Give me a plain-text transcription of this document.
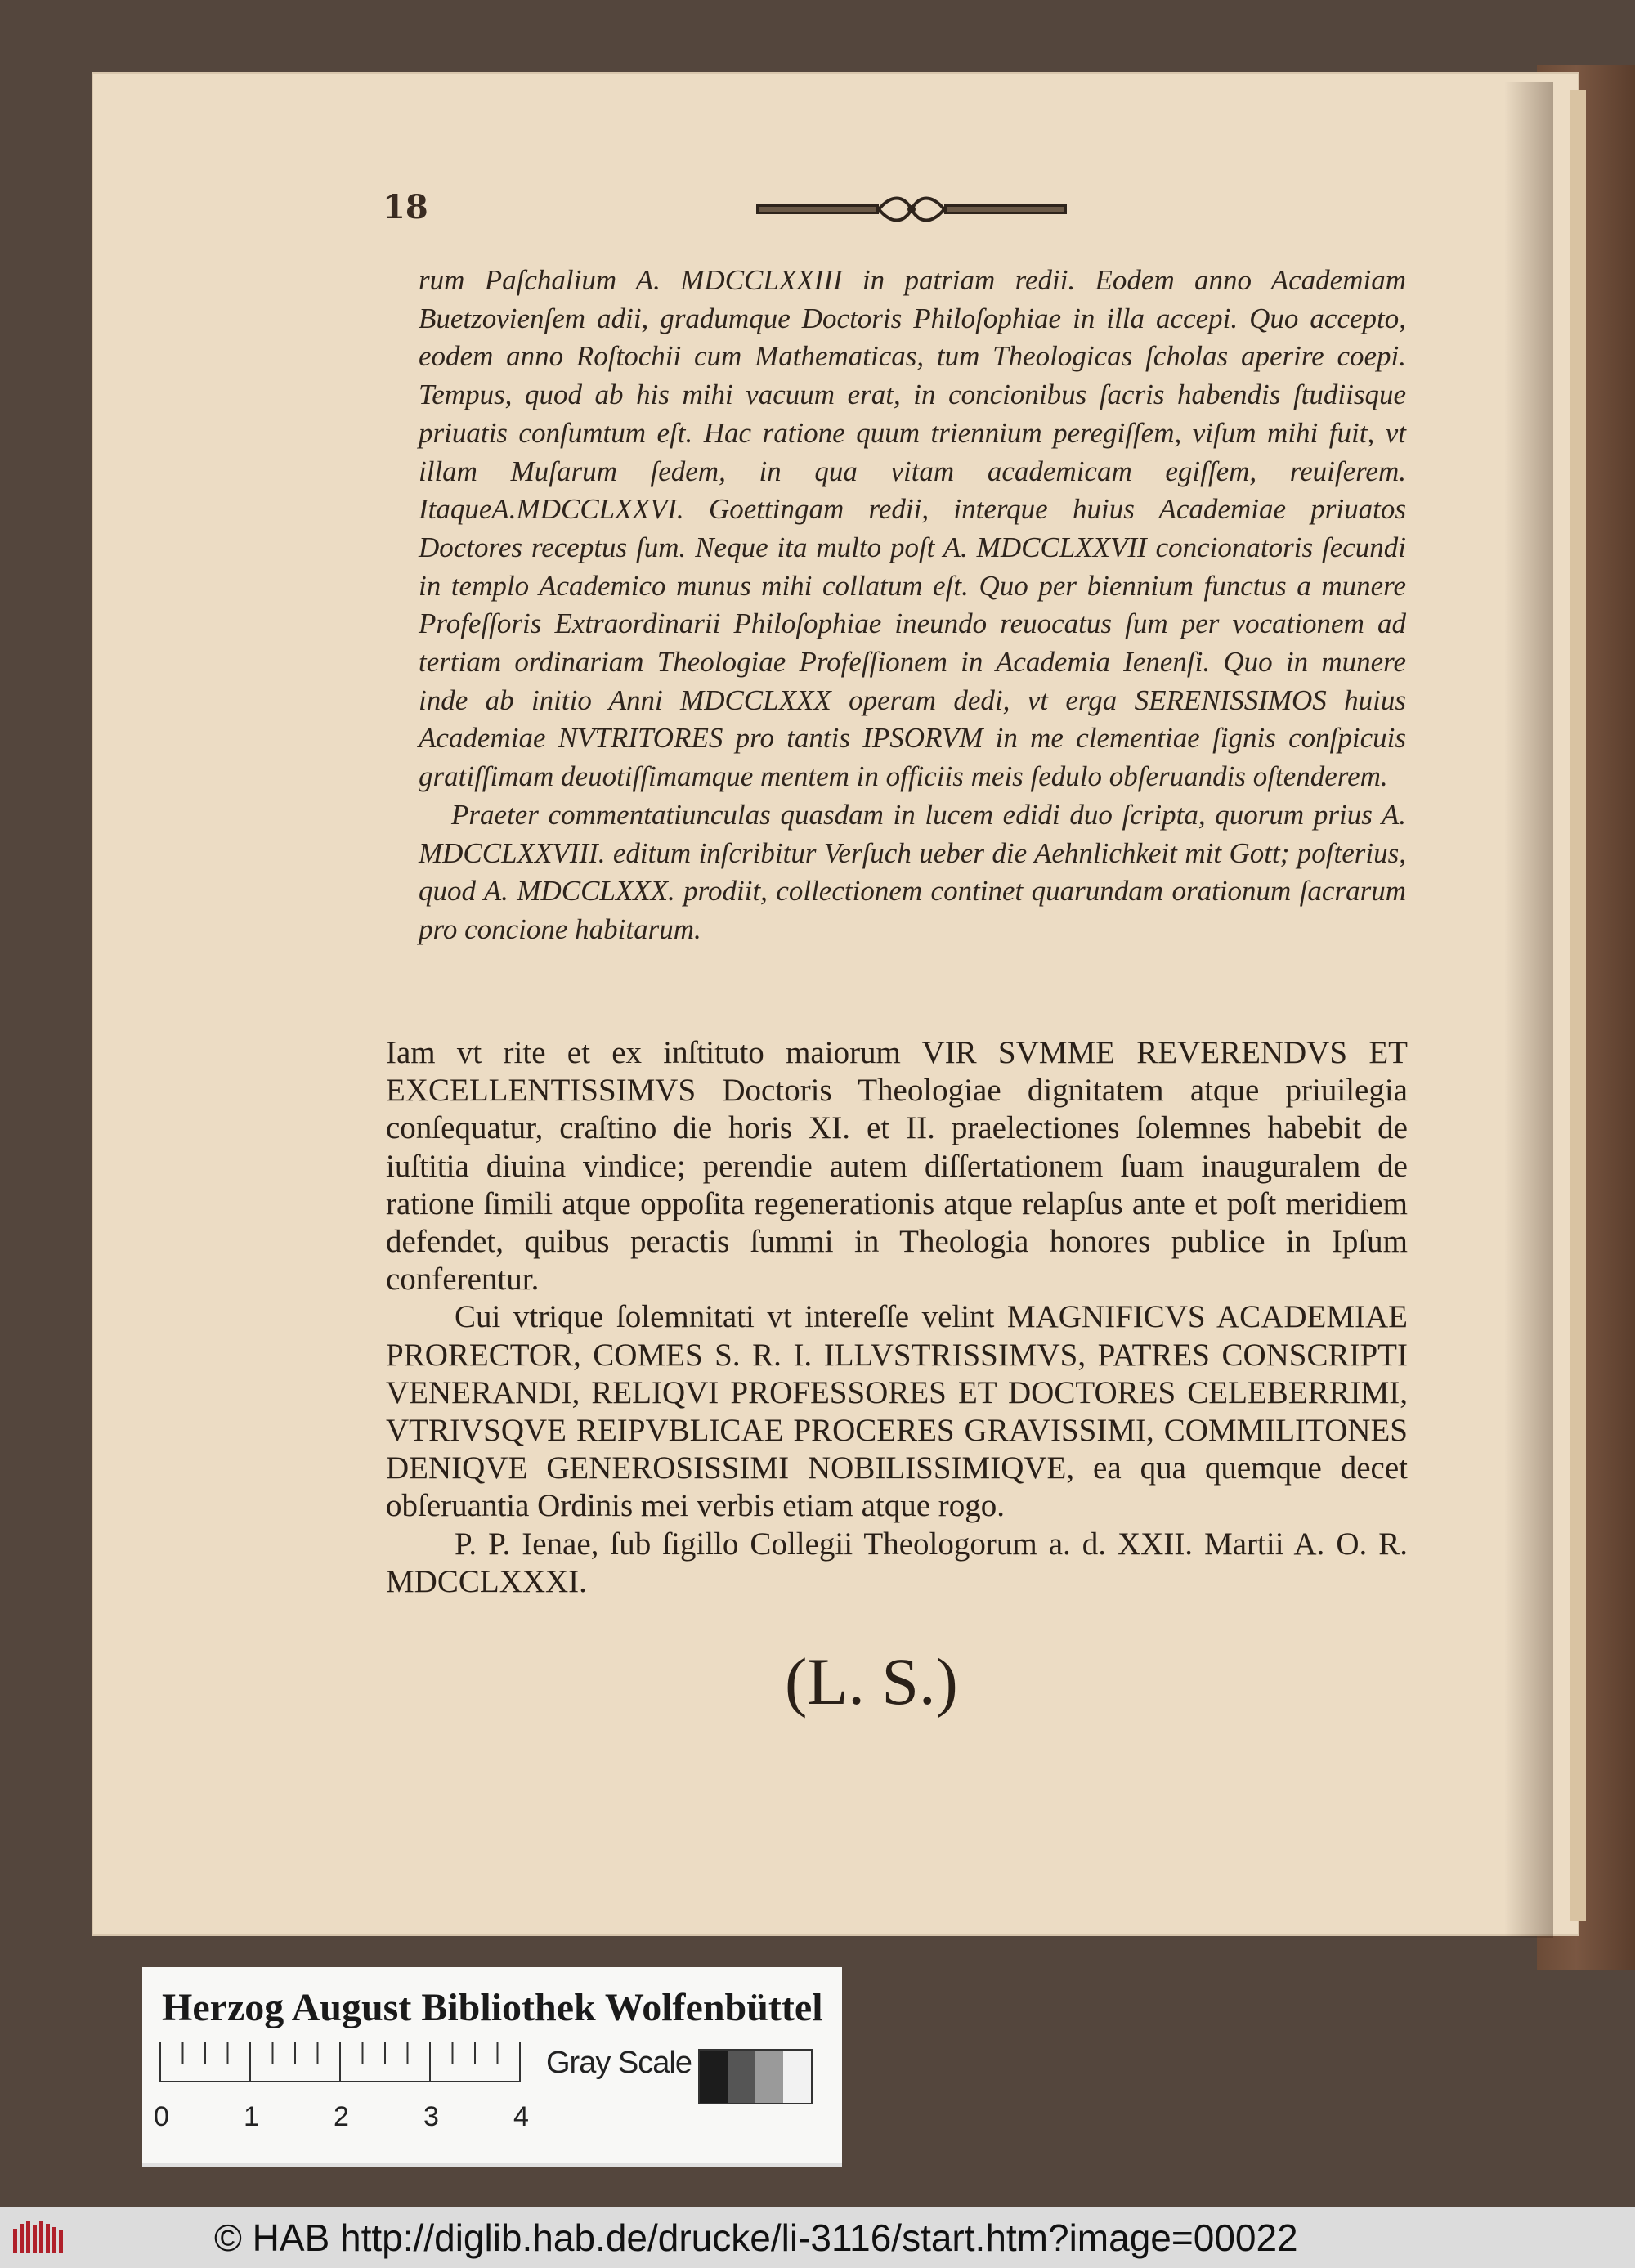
18

rum Paſchalium A. MDCCLXXIII in patriam redii. Eodem anno Academiam Buetzovienſem adii, gradumque Doctoris Philoſophiae in illa accepi. Quo accepto, eodem anno Roſtochii cum Mathematicas, tum Theologicas ſcholas aperire coepi. Tempus, quod ab his mihi vacuum erat, in concionibus ſacris habendis ſtudiisque priuatis conſumtum eſt. Hac ratione quum triennium peregiſſem, viſum mihi fuit, vt illam Muſarum ſedem, in qua vitam academicam egiſſem, reuiſerem. ItaqueA.MDCCLXXVI. Goettingam redii, interque huius Academiae priuatos Doctores receptus ſum. Neque ita multo poſt A. MDCCLXXVII concionatoris ſecundi in templo Academico munus mihi collatum eſt. Quo per biennium functus a munere Profeſſoris Extraordinarii Philoſophiae ineundo reuocatus ſum per vocationem ad tertiam ordinariam Theologiae Profeſſionem in Academia Ienenſi. Quo in munere inde ab initio Anni MDCCLXXX operam dedi, vt erga SERENISSIMOS huius Academiae NVTRITORES pro tantis IPSORVM in me clementiae ſignis conſpicuis gratiſſimam deuotiſſimamque mentem in officiis meis ſedulo obſeruandis oſtenderem.

Praeter commentatiunculas quasdam in lucem edidi duo ſcripta, quorum prius A. MDCCLXXVIII. editum inſcribitur Verſuch ueber die Aehnlichkeit mit Gott; poſterius, quod A. MDCCLXXX. prodiit, collectionem continet quarundam orationum ſacrarum pro concione habitarum.

Iam vt rite et ex inſtituto maiorum VIR SVMME REVERENDVS ET EXCELLENTISSIMVS Doctoris Theologiae dignitatem atque priuilegia conſequatur, craſtino die horis XI. et II. praelectiones ſolemnes habebit de iuſtitia diuina vindice; perendie autem diſſertationem ſuam inauguralem de ratione ſimili atque oppoſita regenerationis atque relapſus ante et poſt meridiem defendet, quibus peractis ſummi in Theologia honores publice in Ipſum conferentur.

Cui vtrique ſolemnitati vt intereſſe velint MAGNIFICVS ACADEMIAE PRORECTOR, COMES S. R. I. ILLVSTRISSIMVS, PATRES CONSCRIPTI VENERANDI, RELIQVI PROFESSORES ET DOCTORES CELEBERRIMI, VTRIVSQVE REIPVBLICAE PROCERES GRAVISSIMI, COMMILITONES DENIQVE GENEROSISSIMI NOBILISSIMIQVE, ea qua quemque decet obſeruantia Ordinis mei verbis etiam atque rogo.

P. P. Ienae, ſub ſigillo Collegii Theologorum a. d. XXII. Martii A. O. R. MDCCLXXXI.

(L. S.)
Herzog August Bibliothek Wolfenbüttel
0	1	2	3	4
Gray Scale
© HAB http://diglib.hab.de/drucke/li-3116/start.htm?image=00022
